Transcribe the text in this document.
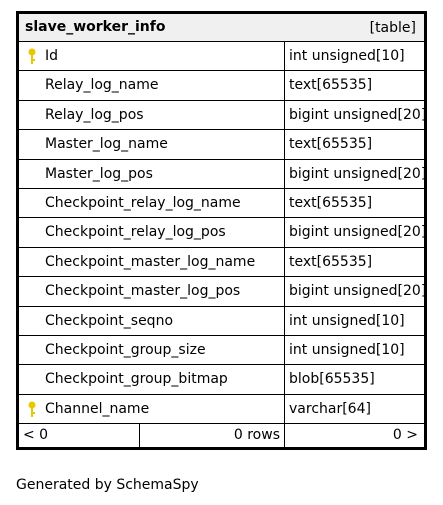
slave_worker_info	[table]
Id	int unsigned[10]
Relay_log_name	text[65535]
Relay_log_pos	bigint unsigned[20]
Master_log_name	text[65535]
Master_log_pos	bigint unsigned[20]
Checkpoint_relay_log_name	text[65535]
Checkpoint_relay_log_pos	bigint unsigned[20]
Checkpoint_master_log_name text[65535]
Checkpoint_master_log_pos	bigint unsigned[20]
Checkpoint_seqno	int unsigned[10]
Checkpoint_group_size	int unsigned[10]
Checkpoint_group_bitmap	blob[65535]
Channel_name	varchar[64]
< 0	0 rows	0 >
Generated by SchemaSpy
